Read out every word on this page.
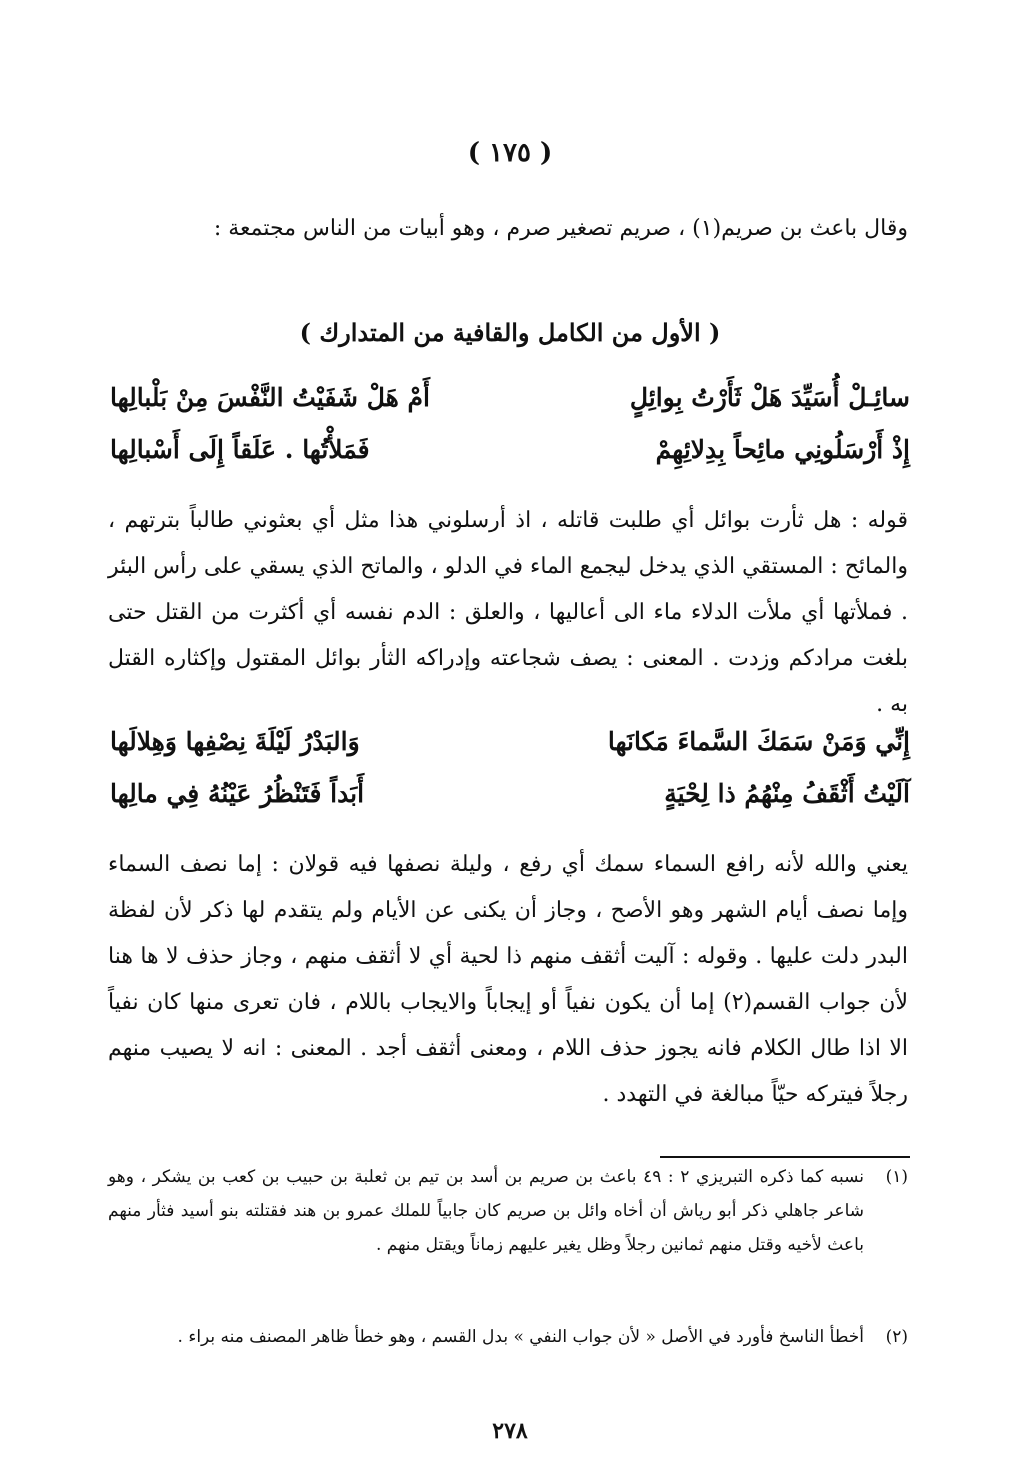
( ١٧٥ )
وقال باعث بن صريم(١) ، صريم تصغير صرم ، وهو أبيات من الناس مجتمعة :
( الأول من الكامل والقافية من المتدارك )
سائِـلْ أُسَيِّدَ هَلْ ثَأَرْتُ بِوائِلٍ
أَمْ هَلْ شَفَيْتُ النَّفْسَ مِنْ بَلْبالِها
إِذْ أَرْسَلُونِي مائِحاً بِدِلائِهِمْ
فَمَلأْتُها . عَلَقاً إِلَى أَسْبالِها
قوله : هل ثأرت بوائل أي طلبت قاتله ، اذ أرسلوني هذا مثل أي بعثوني طالباً بترتهم ، والمائح : المستقي الذي يدخل ليجمع الماء في الدلو ، والماتح الذي يسقي على رأس البئر . فملأتها أي ملأت الدلاء ماء الى أعاليها ، والعلق : الدم نفسه أي أكثرت من القتل حتى بلغت مرادكم وزدت . المعنى : يصف شجاعته وإدراكه الثأر بوائل المقتول وإكثاره القتل به .
إِنِّي وَمَنْ سَمَكَ السَّماءَ مَكانَها
وَالبَدْرُ لَيْلَةَ نِصْفِها وَهِلالَها
آلَيْتُ أَثْقَفُ مِنْهُمُ ذا لِحْيَةٍ
أَبَداً فَتَنْظُرُ عَيْنُهُ فِي مالِها
يعني والله لأنه رافع السماء سمك أي رفع ، وليلة نصفها فيه قولان : إما نصف السماء وإما نصف أيام الشهر وهو الأصح ، وجاز أن يكنى عن الأيام ولم يتقدم لها ذكر لأن لفظة البدر دلت عليها . وقوله : آليت أثقف منهم ذا لحية أي لا أثقف منهم ، وجاز حذف لا ها هنا لأن جواب القسم(٢) إما أن يكون نفياً أو إيجاباً والايجاب باللام ، فان تعرى منها كان نفياً الا اذا طال الكلام فانه يجوز حذف اللام ، ومعنى أثقف أجد . المعنى : انه لا يصيب منهم رجلاً فيتركه حيّاً مبالغة في التهدد .
(١)
نسبه كما ذكره التبريزي ٢ : ٤٩ باعث بن صريم بن أسد بن تيم بن ثعلبة بن حبيب بن كعب بن يشكر ، وهو شاعر جاهلي ذكر أبو رياش أن أخاه وائل بن صريم كان جابياً للملك عمرو بن هند فقتلته بنو أسيد فثأر منهم باعث لأخيه وقتل منهم ثمانين رجلاً وظل يغير عليهم زماناً ويقتل منهم .
(٢)
أخطأ الناسخ فأورد في الأصل « لأن جواب النفي » بدل القسم ، وهو خطأ ظاهر المصنف منه براء .
٢٧٨
